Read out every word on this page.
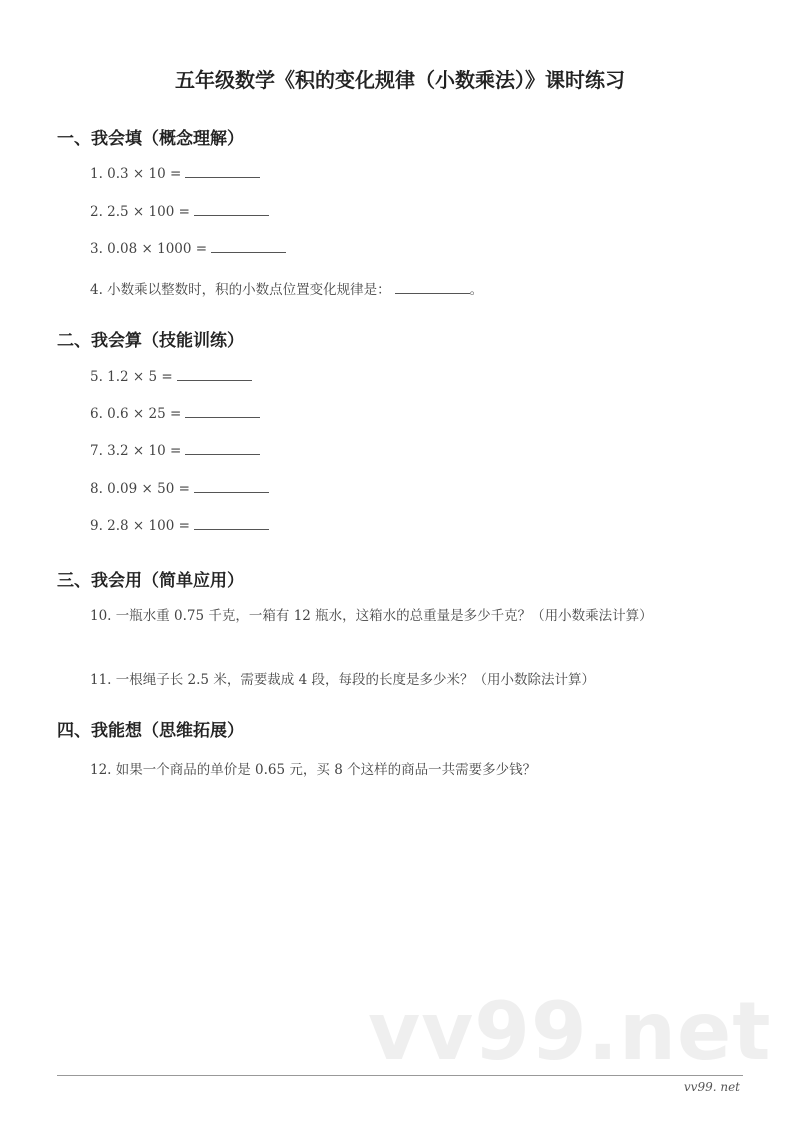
五年级数学《积的变化规律（小数乘法）》课时练习
一、我会填（概念理解）
1. 0.3 × 10 =
2. 2.5 × 100 =
3. 0.08 × 1000 =
4. 小数乘以整数时，积的小数点位置变化规律是：	。
二、我会算（技能训练）
5. 1.2 × 5 =
6. 0.6 × 25 =
7. 3.2 × 10 =
8. 0.09 × 50 =
9. 2.8 × 100 =
三、我会用（简单应用）
10. 一瓶水重 0.75 千克，一箱有 12 瓶水，这箱水的总重量是多少千克？（用小数乘法计算）
11. 一根绳子长 2.5 米，需要裁成 4 段，每段的长度是多少米？（用小数除法计算）
四、我能想（思维拓展）
12. 如果一个商品的单价是 0.65 元，买 8 个这样的商品一共需要多少钱？
vv99.net
vv99. net
